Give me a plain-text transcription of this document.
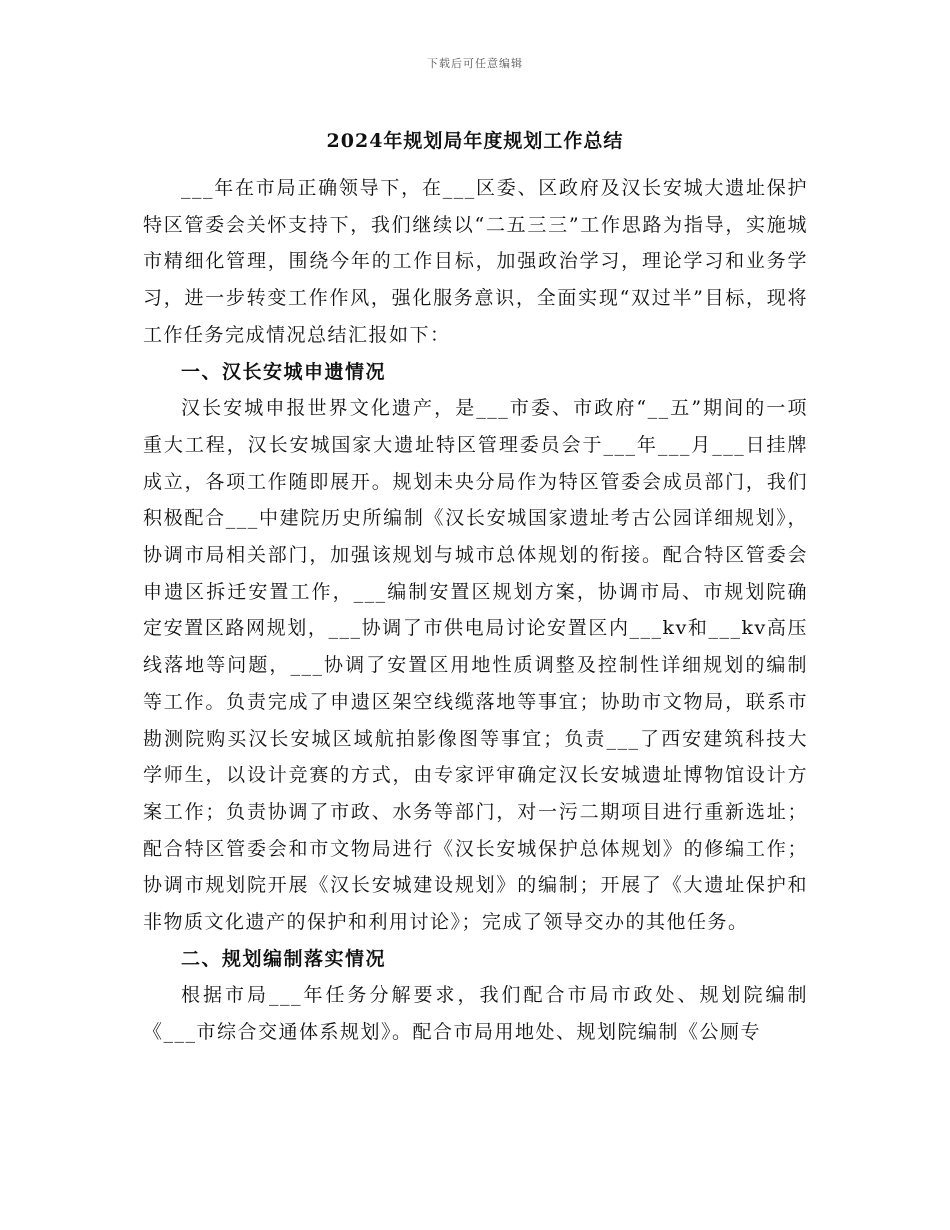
下载后可任意编辑
2024年规划局年度规划工作总结

___年在市局正确领导下，在___区委、区政府及汉长安城大遗址保护特区管委会关怀支持下，我们继续以“二五三三”工作思路为指导，实施城市精细化管理，围绕今年的工作目标，加强政治学习，理论学习和业务学习，进一步转变工作作风，强化服务意识，全面实现“双过半”目标，现将工作任务完成情况总结汇报如下：

一、汉长安城申遗情况

汉长安城申报世界文化遗产，是___市委、市政府“__五”期间的一项重大工程，汉长安城国家大遗址特区管理委员会于___年___月___日挂牌成立，各项工作随即展开。规划未央分局作为特区管委会成员部门，我们积极配合___中建院历史所编制《汉长安城国家遗址考古公园详细规划》，协调市局相关部门，加强该规划与城市总体规划的衔接。配合特区管委会申遗区拆迁安置工作，___编制安置区规划方案，协调市局、市规划院确定安置区路网规划，___协调了市供电局讨论安置区内___kv和___kv高压线落地等问题，___协调了安置区用地性质调整及控制性详细规划的编制等工作。负责完成了申遗区架空线缆落地等事宜；协助市文物局，联系市勘测院购买汉长安城区域航拍影像图等事宜；负责___了西安建筑科技大学师生，以设计竞赛的方式，由专家评审确定汉长安城遗址博物馆设计方案工作；负责协调了市政、水务等部门，对一污二期项目进行重新选址；配合特区管委会和市文物局进行《汉长安城保护总体规划》的修编工作；协调市规划院开展《汉长安城建设规划》的编制；开展了《大遗址保护和非物质文化遗产的保护和利用讨论》；完成了领导交办的其他任务。

二、规划编制落实情况

根据市局___年任务分解要求，我们配合市局市政处、规划院编制《___市综合交通体系规划》。配合市局用地处、规划院编制《公厕专
